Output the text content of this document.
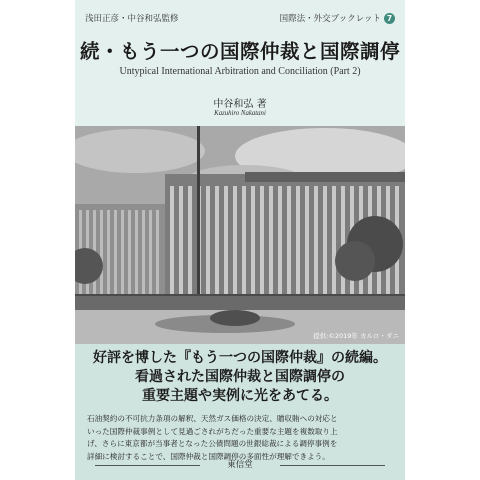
浅田正彦・中谷和弘監修	国際法・外交ブックレット 7
続・もう一つの国際仲裁と国際調停
Untypical International Arbitration and Conciliation (Part 2)
中谷和弘 著
Kazuhiro Nakatani
提供:©2019年 カルロ・ダニ
好評を博した『もう一つの国際仲裁』の続編。
看過された国際仲裁と国際調停の
重要主題や実例に光をあてる。
石油契約の不可抗力条項の解釈、天然ガス価格の決定、贈収賄への対応と
いった国際仲裁事例として見過ごされがちだった重要な主題を複数取り上
げ、さらに東京都が当事者となった公債問題の世銀総裁による調停事例を
詳細に検討することで、国際仲裁と国際調停の多面性が理解できよう。
東信堂
